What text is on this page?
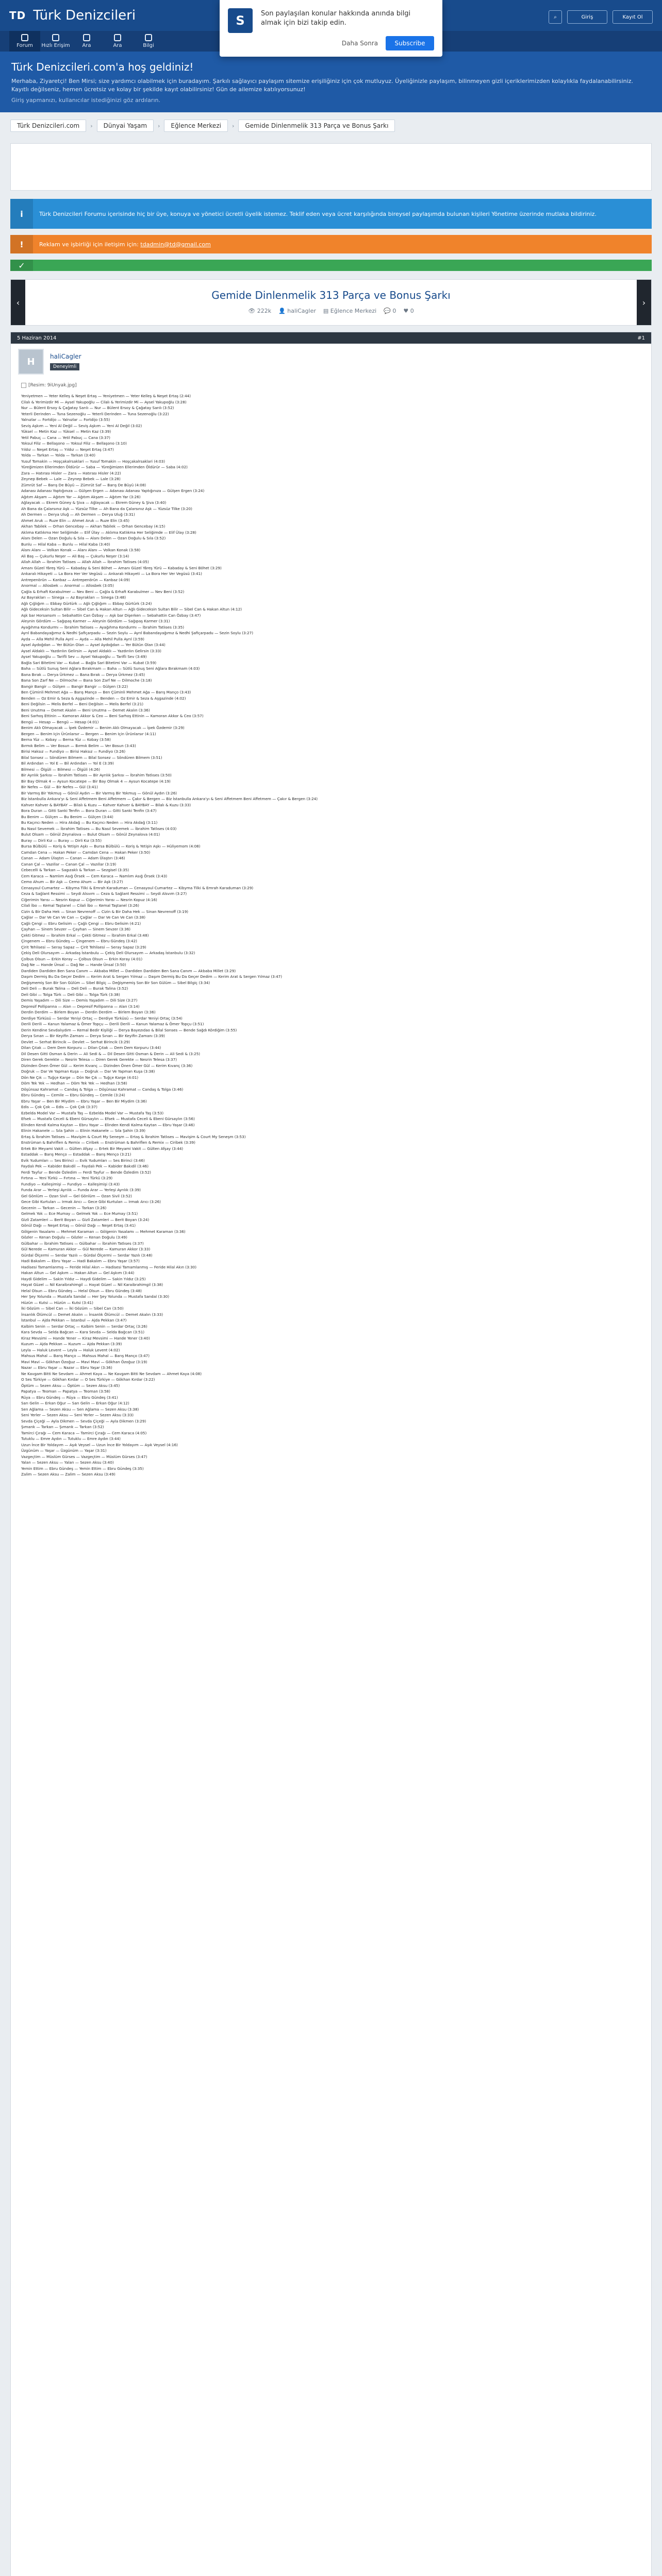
S	Son paylaşılan konular hakkında anında bilgi almak için bizi takip edin.
Daha Sonra	Subscribe
TD Türk Denizcileri
Forum Hızlı Erişim Ara	Ara	Bilgi
⌕	Giriş	Kayıt Ol
Türk Denizcileri.com'a hoş geldiniz!

Merhaba, Ziyaretçi! Ben Mirsi; size yardımcı olabilmek için buradayım. Şarkılı sağlayıcı paylaşım sitemize erişiliğiniz için çok mutluyuz. Üyeliğinizle paylaşım, bilinmeyen gizli içeriklerimizden kolaylıkla faydalanabilirsiniz. Kayıtlı değilseniz, hemen ücretsiz ve kolay bir şekilde kayıt olabilirsiniz! Gün de ailemize katılıyorsunuz!

Giriş yapmanızı, kullanıcılar istediğinizi göz ardıların.
Türk Denizcileri.com	›	Dünyai Yaşam	›	Eğlence Merkezi	›	Gemide Dinlenmelik 313 Parça ve Bonus Şarkı
i	Türk Denizcileri Forumu içerisinde hiç bir üye, konuya ve yönetici ücretli üyelik istemez. Teklif eden veya ücret karşılığında bireysel paylaşımda bulunan kişileri Yönetime üzerinde mutlaka bildiriniz.
!	Reklam ve işbirliği için iletişim için: tdadmin@td@gmail.com
✓
‹
Gemide Dinlenmelik 313 Parça ve Bonus Şarkı
👁 222k 👤 haliCagler ▤ Eğlence Merkezi 💬 0 ♥ 0
›
5 Haziran 2014	#1
H	haliCagler
Deneyimli
[Resim: 9iUnyak.jpg]
Yeniyetmen — Yeter Kelleş & Neşet Ertaş — Yeniyetmen — Yeter Kelleş & Neşet Ertaş (2:44)
Cilalı & Yerimizdir Mi — Aysel Yakupoğlu — Cilalı & Yerimizdir Mi — Aysel Yakupoğlu (3:28)
Nur — Bülent Ersoy & Çağatay Sarılı — Nur — Bülent Ersoy & Çağatay Sarılı (3:52)
Yeterli Derinden — Tuna Sezenoğlu — Yeterli Derinden — Tuna Sezenoğlu (3:22)
Yalnızlar — Fortdijo — Yalnızlar — Fortdijo (3:55)
Seviş Aşkım — Yeni Al Değil — Seviş Aşkım — Yeni Al Değil (3:02)
Yüksel — Metin Kaz — Yüksel — Metin Kaz (3:39)
Yetil Pabuç — Cana — Yetil Pabuç — Cana (3:37)
Yoksul Filiz — Bellaşono — Yoksul Filiz — Bellaşono (3:10)
Yıldız — Neşet Ertaş — Yıldız — Neşet Ertaş (3:47)
Yolda — Tarkan — Yolda — Tarkan (3:40)
Yusuf Tomakin — Hoşçakalrsaklari — Yusuf Tomakin — Hoşçakalrsaklari (4:03)
Yüreğimizen Ellerimden Öldürür — Saba — Yüreğimizen Ellerimden Öldürür — Saba (4:02)
Zara — Hatırası Hisler — Zara — Hatırası Hisler (4:22)
Zeynep Bebek — Lale — Zeynep Bebek — Lale (3:28)
Zümrüt Saf — Barış De Büyü — Zümrüt Saf — Barış De Büyü (4:08)
Adanası Adanası Yaptığınıza — Gülşen Ergen — Adanası Adanası Yaptığınıza — Gülşen Ergen (3:24)
Ağıtım Akşam — Ağıtım Yar — Ağıtım Akşam — Ağıtım Yar (3:26)
Ağlayacak — Ekrem Güney & Şiva — Ağlayacak — Ekrem Güney & Şiva (3:40)
Ah Bana da Çalarsınız Aşk — Yüzsüz Tilke — Ah Bana da Çalarsınız Aşk — Yüzsüz Tilke (3:20)
Ah Dermen — Derya Uluğ — Ah Dermen — Derya Uluğ (3:31)
Ahmet Aruk — Ruze Elin — Ahmet Aruk — Ruze Elin (3:45)
Akhan Tabilek — Orhan Gencebay — Akhan Tabilek — Orhan Gencebay (4:15)
Aklıma Katlıkma Her Seliğimde — Elif Ülay — Aklıma Katlıkma Her Seliğimde — Elif Ülay (3:28)
Alanı Delen — Ozan Doğulu & Sıla — Alanı Delen — Ozan Doğulu & Sıla (3:52)
Bunlu — Hilal Kaba — Bunlu — Hilal Kaba (3:40)
Alanı Alanı — Volkan Konak — Alanı Alanı — Volkan Konak (3:58)
Ali Baş — Çukurlu Neşer — Ali Baş — Çukurlu Neşer (3:14)
Allah Allah — İbrahim Tatlıses — Allah Allah — İbrahim Tatlıses (4:05)
Amanı Güzel Yâreş Yürü — Kabaday & Seni Böhet — Amanı Güzel Yâreş Yürü — Kabaday & Seni Böhet (3:29)
Ankaralı Hikayeti — La Bora Her Ver Vegüsü — Ankaralı Hikayeti — La Bora Her Ver Vegüsü (3:41)
Antrepenörün — Kanbaz — Antrepenörün — Kanbaz (4:09)
Anormal — Allosbek — Anormal — Allosbek (3:05)
Çağla & Erhaft Karabulmer — Nev Beni — Çağla & Erhaft Karabulmer — Nev Beni (3:52)
Az Bayrakları — Sinega — Az Bayrakları — Sinega (3:48)
Ağlı Çığlığım — Ebbay Gürtürk — Ağlı Çığlığım — Ebbay Gürtürk (3:24)
Ağlı Gideceksin Sultan Bilir — Sibel Can & Hakan Altun — Ağlı Gideceksin Sultan Bilir — Sibel Can & Hakan Altun (4:12)
Aşk bar Horsansım — Sebahattin Can Özbay — Aşk bar Dişerken — Sebahattin Can Özbay (3:47)
Aleynin Gördüm — Sağıpaş Karmer — Aleynin Gördüm — Sağıpaş Karmer (3:31)
Ayağıhma Kondurmı — İbrahim Tatlıses — Ayağıhma Kondurmı — İbrahim Tatlıses (3:35)
Ayrıl Babandayağımız & Nedhi Şafiçarpadu — Sezin Soylu — Ayrıl Babandayağımız & Nedhi Şafiçarpadu — Sezin Soylu (3:27)
Ayda — Alla Mehil Pulla Ayrıl — Ayda — Alla Mehil Pulla Ayrıl (3:59)
Aysel Aydoğdan — Yer Bütün Olan — Aysel Aydoğdan — Yer Bütün Olan (3:44)
Aysel Aldaklı — Yazdırılın Gelirsin — Aysel Aldaklı — Yazdırılın Gelirsin (3:33)
Aysel Yakupoğlu — Tarifli Sev — Aysel Yakupoğlu — Tarifli Sev (3:49)
Bağla Sari Bitetimi Var — Kubat — Bağla Sari Bitetimi Var — Kubat (3:59)
Baha — Sütlü Sunuş Seni Ağlara Bırakmam — Baha — Sütlü Sunuş Seni Ağlara Bırakmam (4:03)
Bana Bırak — Derya Ürkmez — Bana Bırak — Derya Ürkmez (3:45)
Bana Son Zarf Ne — Dilmoche — Bana Son Zarf Ne — Dilmoche (3:18)
Bangir Bangir — Gülşen — Bangir Bangir — Gülşen (3:22)
Ben Çüminli Mehmet Ağa — Barış Manço — Ben Çüminli Mehmet Ağa — Barış Manço (3:43)
Benden — Oz Emir & Seza & Aşgazinde — Benden — Oz Emir & Seza & Aşgazinde (4:02)
Beni Değilsin — Melis Berfel — Beni Değilsin — Melis Berfel (3:21)
Beni Unutma — Demet Akalın — Beni Unutma — Demet Akalın (3:36)
Beni Sarhoş Ettinin — Kamoran Akkor & Ceo — Beni Sarhoş Ettinin — Kamoran Akkor & Ceo (3:57)
Bengü — Hesap — Bengü — Hesap (4:01)
Benim Aklı Olmayacak — İpek Özdemir — Benim Aklı Olmayacak — İpek Özdemir (3:29)
Bergen — Benim Için Ürünlarsır — Bergen — Benim Için Ürünlarsır (4:11)
Berna Yüz — Kobay — Berna Yüz — Kobay (3:58)
Bırmık Belim — Ver Bosun — Bırmık Belim — Ver Bosun (3:43)
Birisi Haksız — Fundiyo — Birisi Haksız — Fundiyo (3:26)
Bilal Sonsez — Söndüren Bilmem — Bilal Sonsez — Söndüren Bilmem (3:51)
Bil Ardından — Yol E — Bil Ardından — Yol E (3:39)
Bilmesi — Ölgüli — Bilmesi — Ölgüli (4:26)
Bir Ayrılık Şarkısı — İbrahim Tatlıses — Bir Ayrılık Şarkısı — İbrahim Tatlıses (3:50)
Bir Bay Olmak 4 — Aysun Kocatepe — Bir Bay Olmak 4 — Aysun Kocatepe (4:19)
Bir Nefes — Gül — Bir Nefes — Gül (3:41)
Bir Varmış Bir Yokmuş — Gönül Aydın — Bir Varmış Bir Yokmuş — Gönül Aydın (3:26)
Biz İstanbulla Ankara'yı & Seni Affetmem Beni Affetmem — Çakır & Bergen — Biz İstanbulla Ankara'yı & Seni Affetmem Beni Affetmem — Çakır & Bergen (3:24)
Kahver Kahver & BAYBAY — Bilalı & Kuzu — Kahver Kahver & BAYBAY — Bilalı & Kuzu (3:33)
Bora Duran — Gitti Sanki Tenfin — Bora Duran — Gitti Sanki Tenfin (3:47)
Bu Benim — Gülçen — Bu Benim — Gülçen (3:44)
Bu Kaçıncı Neden — Hira Akdağ — Bu Kaçıncı Neden — Hira Akdağ (3:11)
Bu Nasıl Sevemek — İbrahim Tatlıses — Bu Nasıl Sevemek — İbrahim Tatlıses (4:03)
Bulut Olsam — Gönül Zeynalova — Bulut Olsam — Gönül Zeynalova (4:01)
Buray — Dirli Kız — Buray — Dirli Kız (3:55)
Bursa Bülbülü — Koriş & Yetişin Aşkı — Bursa Bülbülü — Koriş & Yetişin Aşkı — Hüliyemom (4:08)
Camdan Cena — Hakan Peker — Camdan Cena — Hakan Peker (3:50)
Canan — Adam Ülaştırı — Canan — Adam Ülaştırı (3:46)
Canan Çal — Vazıllar — Canan Çal — Vazıllar (3:19)
Cebecelli & Tarkan — Sagızaklı & Tarkan — Sezgisel (3:35)
Cem Karaca — Namlım Asığ Örsek — Cem Karaca — Namlım Asığ Örsek (3:43)
Cemo Ahum — Bir Aşk — Cemo Ahum — Bir Aşk (3:27)
Cenasyoul Cumartez — Kibyma Tilki & Emrah Karaduman — Cenasyoul Cumartez — Kibyma Tilki & Emrah Karaduman (3:29)
Ceza & Sağlant Ressimi — Seydi Alsvım — Ceza & Sağlant Ressimi — Seydi Alsvım (3:27)
Ciğerimin Yarısı — Nesrin Kopuz — Ciğerimin Yarısı — Nesrin Kopuz (4:16)
Cilali İbo — Kemal Taştanel — Cilali İbo — Kemal Taştanel (3:26)
Cizin & Bir Daha Hek — Sinan Nevrenoff — Cizin & Bir Daha Hek — Sinan Nevrenoff (3:19)
Çağlar — Dar Ve Can Ve Can — Çağlar — Dar Ve Can Ve Can (3:38)
Çağlı Çengi — Ebru Gelisim — Çağlı Çengi — Ebru Gelisim (4:21)
Çayhan — Sinem Sevzer — Çayhan — Sinem Sevzer (3:36)
Çekti Gitmez — İbrahim Erkal — Çekti Gitmez — İbrahim Erkal (3:48)
Çingenem — Ebru Gündeş — Çingenem — Ebru Gündeş (3:42)
Çirit Tehlisesi — Seray Sapaz — Çirit Tehlisesi — Seray Sapaz (3:29)
Çekiş Deli Olursayım — Arkadaş İstanbulu — Çekiş Deli Olursayım — Arkadaş İstanbulu (3:32)
Çolbus Olsun — Erkin Koray — Çolbus Olsun — Erkin Koray (4:01)
Dağ Ne — Hande Ünsal — Dağ Ne — Hande Ünsal (3:50)
Dardiden Dardiden Ben Sana Canım — Akbaba Millet — Dardiden Dardiden Ben Sana Canım — Akbaba Millet (3:29)
Daşım Dermiş Bu Da Geçer Dedim — Kerim Arat & Sergen Yılmaz — Daşım Dermiş Bu Da Geçer Dedim — Kerim Arat & Sergen Yılmaz (3:47)
Değişmemiş Son Bir Son Gülüm — Sibel Bilgiç — Değişmemiş Son Bir Son Gülüm — Sibel Bilgiç (3:34)
Deli Deli — Burak Talina — Deli Deli — Burak Talina (3:52)
Deli Gibi — Tolga Türk — Deli Gibi — Tolga Türk (3:38)
Demis Yaşadım — Dili Size — Demis Yaşadım — Dili Size (3:27)
Depresif Pollipanna — Alan — Depresif Pollipanna — Alan (3:14)
Derdin Derdim — Birlem Boyan — Derdin Derdim — Birlem Boyan (3:36)
Derdiye Türküsü — Serdar Yeniyi Ortaç — Derdiye Türküsü — Serdar Yeniyi Ortaç (3:54)
Derili Derili — Kanun Yalamaz & Ömer Topçu — Derili Derili — Kanun Yalamaz & Ömer Topçu (3:51)
Derin Kendine Sevdalıydım — Kemal Bedir Kişiliği — Derya Bayezıdao & Bilal Sonses — Bende Sağdı Kördiğim (3:55)
Derya Sınan — Bir Keyifin Zamanı — Derya Sınan — Bir Keyifin Zamanı (3:39)
Devlet — Serhat Birincik — Devlet — Serhat Birincik (3:29)
Dilan Çıtak — Dem Dem Korpuru — Dilan Çıtak — Dem Dem Korpuru (3:44)
Dil Desen Gitti Osman & Derin — Ali Sedi & — Dil Desen Gitti Osman & Derin — Ali Sedi & (3:25)
Diren Gerek Gerekte — Nesrin Telesa — Diren Gerek Gerekte — Nesrin Telesa (3:37)
Dizinden Önen Ömer Gül — Kerim Kıvanç — Dizinden Önen Ömer Gül — Kerim Kıvanç (3:36)
Doğruk — Dar Ve Yapman Kuşa — Doğruk — Dar Ve Yapman Kuşa (3:38)
Dön Ne Çık — Tuğçe Karge — Dön Ne Çık — Tuğçe Karge (4:01)
Döm Tek Yek — Hedhan — Döm Tek Yek — Hedhan (3:58)
Döşünsaz Kahramat — Candaş & Tolga — Döşünsaz Kahramat — Candaş & Tolga (3:46)
Ebru Gündeş — Cemile — Ebru Gündeş — Cemile (3:24)
Ebru Yaşar — Ben Bir Miydim — Ebru Yaşar — Ben Bir Miydim (3:36)
Edis — Çok Çok — Edis — Çok Çok (3:37)
Ezbelda Model Var — Mustafa Taş — Ezbelda Model Var — Mustafa Taş (3:53)
Efsek — Mustafa Ceceli & Ebeni Gürsaylın — Efsek — Mustafa Ceceli & Ebeni Gürsaylın (3:56)
Elinden Kendi Kalma Kaytan — Ebru Yaşar — Elinden Kendi Kalma Kaytan — Ebru Yaşar (3:46)
Elinin Hakanele — Sıla Şahin — Elinin Hakanele — Sıla Şahin (3:39)
Ertaş & İbrahim Tatlıses — Mavişim & Court My Seneşm — Ertaş & İbrahim Tatlıses — Mavişim & Court My Seneşm (3:53)
Enstrüman & Bahriflen & Remix — Ciribek — Enstrüman & Bahriflen & Remix — Ciribek (3:39)
Ertek Bir Meyami Vakit — Gülten Afşay — Ertek Bir Meyami Vakit — Gülten Afşay (3:44)
Estaddak — Barış Menço — Estaddak — Barış Menço (3:21)
Evik Yudumları — Ses Birinci — Evik Yudumları — Ses Birinci (3:46)
Faydalı Pek — Kabider Bakıdil — Faydalı Pek — Kabider Bakıdil (3:46)
Ferdi Tayfur — Bende Özledim — Ferdi Tayfur — Bende Özledim (3:52)
Fırtına — Yeni Türkü — Fırtına — Yeni Türkü (3:29)
Fundiyo — Kalleşimişi — Fundiyo — Kalleşimişi (3:43)
Funda Arar — Yerleşi Ayrılık — Funda Arar — Yerleşi Ayrılık (3:39)
Gel Gönlüm — Ozan Sivil — Gel Gönlüm — Ozan Sivil (3:52)
Gece Gibi Kurtulan — Irmak Arıcı — Gece Gibi Kurtulan — Irmak Arıcı (3:26)
Gecenin — Tarkan — Gecenin — Tarkan (3:26)
Gelmek Yok — Ece Mumay — Gelmek Yok — Ece Mumay (3:51)
Gizli Zatamleri — Berit Boyan — Gizli Zatamleri — Berit Boyan (3:24)
Gönül Dağı — Neşet Ertaş — Gönül Dağı — Neşet Ertaş (3:41)
Gölgenin Yasalamı — Mehmet Karaman — Gölgenin Yasalamı — Mehmet Karaman (3:36)
Gözler — Kenan Doğulu — Gözler — Kenan Doğulu (3:49)
Gülbahar — İbrahim Tatlıses — Gülbahar — İbrahim Tatlıses (3:37)
Gül Nerede — Kamuran Akkor — Gül Nerede — Kamuran Akkor (3:33)
Gürdal Ölçermi — Serdar Yazılı — Gürdal Ölçermi — Serdar Yazılı (3:48)
Hadi Bakalım — Ebru Yaşar — Hadi Bakalım — Ebru Yaşar (3:57)
Hadisesi Tamamlanmış — Feride Hilal Akın — Hadisesi Tamamlanmış — Feride Hilal Akın (3:30)
Hakan Altun — Gel Aşkım — Hakan Altun — Gel Aşkım (3:44)
Haydi Gidelim — Sakin Yıldız — Haydi Gidelim — Sakin Yıldız (3:25)
Hayat Güzel — Nil Karaibrahimgil — Hayat Güzel — Nil Karaibrahimgil (3:38)
Helal Olsun — Ebru Gündeş — Helal Olsun — Ebru Gündeş (3:48)
Her Şey Yolunda — Mustafa Sandal — Her Şey Yolunda — Mustafa Sandal (3:30)
Hüzün — Kutsi — Hüzün — Kutsi (3:41)
İki Gözüm — Sibel Can — İki Gözüm — Sibel Can (3:50)
İnsanlık Ölümcül — Demet Akalın — İnsanlık Ölümcül — Demet Akalın (3:33)
İstanbul — Ajda Pekkan — İstanbul — Ajda Pekkan (3:47)
Kalbim Senin — Serdar Ortaç — Kalbim Senin — Serdar Ortaç (3:26)
Kara Sevda — Selda Bağcan — Kara Sevda — Selda Bağcan (3:51)
Kiraz Mevsimi — Hande Yener — Kiraz Mevsimi — Hande Yener (3:40)
Kuzum — Ajda Pekkan — Kuzum — Ajda Pekkan (3:39)
Leyla — Haluk Levent — Leyla — Haluk Levent (4:02)
Mahsus Mahal — Barış Manço — Mahsus Mahal — Barış Manço (3:47)
Mavi Mavi — Gökhan Özoğuz — Mavi Mavi — Gökhan Özoğuz (3:19)
Nazar — Ebru Yaşar — Nazar — Ebru Yaşar (3:36)
Ne Kavgam Bitti Ne Sevdam — Ahmet Kaya — Ne Kavgam Bitti Ne Sevdam — Ahmet Kaya (4:08)
O Ses Türkiye — Gökhan Kırdar — O Ses Türkiye — Gökhan Kırdar (3:22)
Öptüm — Sezen Aksu — Öptüm — Sezen Aksu (3:45)
Papatya — Teoman — Papatya — Teoman (3:58)
Rüya — Ebru Gündeş — Rüya — Ebru Gündeş (3:41)
Sarı Gelin — Erkan Oğur — Sarı Gelin — Erkan Oğur (4:12)
Sen Ağlama — Sezen Aksu — Sen Ağlama — Sezen Aksu (3:38)
Seni Yerler — Sezen Aksu — Seni Yerler — Sezen Aksu (3:33)
Sevda Çiçeği — Ayla Dikmen — Sevda Çiçeği — Ayla Dikmen (3:29)
Şımarık — Tarkan — Şımarık — Tarkan (3:52)
Tamirci Çırağı — Cem Karaca — Tamirci Çırağı — Cem Karaca (4:05)
Tutuklu — Emre Aydın — Tutuklu — Emre Aydın (3:44)
Uzun İnce Bir Yoldayım — Aşık Veysel — Uzun İnce Bir Yoldayım — Aşık Veysel (4:16)
Üzgünüm — Yaşar — Üzgünüm — Yaşar (3:31)
Vazgeçtim — Müslüm Gürses — Vazgeçtim — Müslüm Gürses (3:47)
Yalan — Sezen Aksu — Yalan — Sezen Aksu (3:40)
Yemin Ettim — Ebru Gündeş — Yemin Ettim — Ebru Gündeş (3:35)
Zalim — Sezen Aksu — Zalim — Sezen Aksu (3:49)
